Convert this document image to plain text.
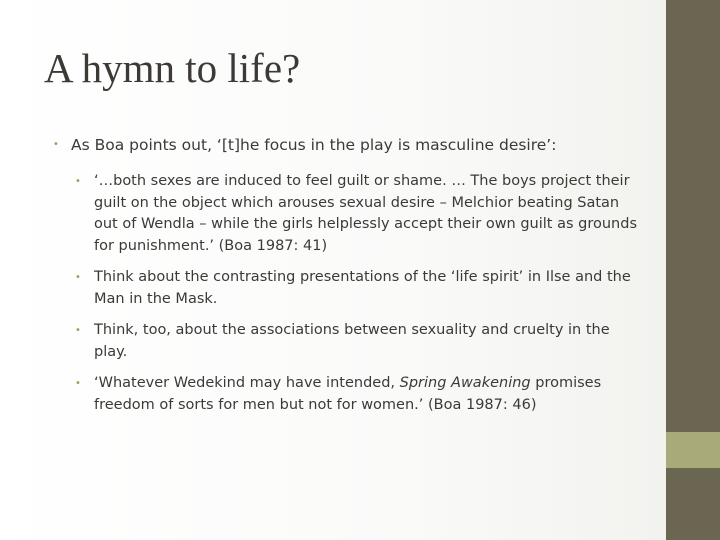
A hymn to life?
• As Boa points out, ‘[t]he focus in the play is masculine desire’:
• ‘…both sexes are induced to feel guilt or shame. … The boys project their guilt on the object which arouses sexual desire – Melchior beating Satan out of Wendla – while the girls helplessly accept their own guilt as grounds for punishment.’ (Boa 1987: 41)
• Think about the contrasting presentations of the ‘life spirit’ in Ilse and the Man in the Mask.
• Think, too, about the associations between sexuality and cruelty in the play.
• ‘Whatever Wedekind may have intended, Spring Awakening promises freedom of sorts for men but not for women.’ (Boa 1987: 46)
